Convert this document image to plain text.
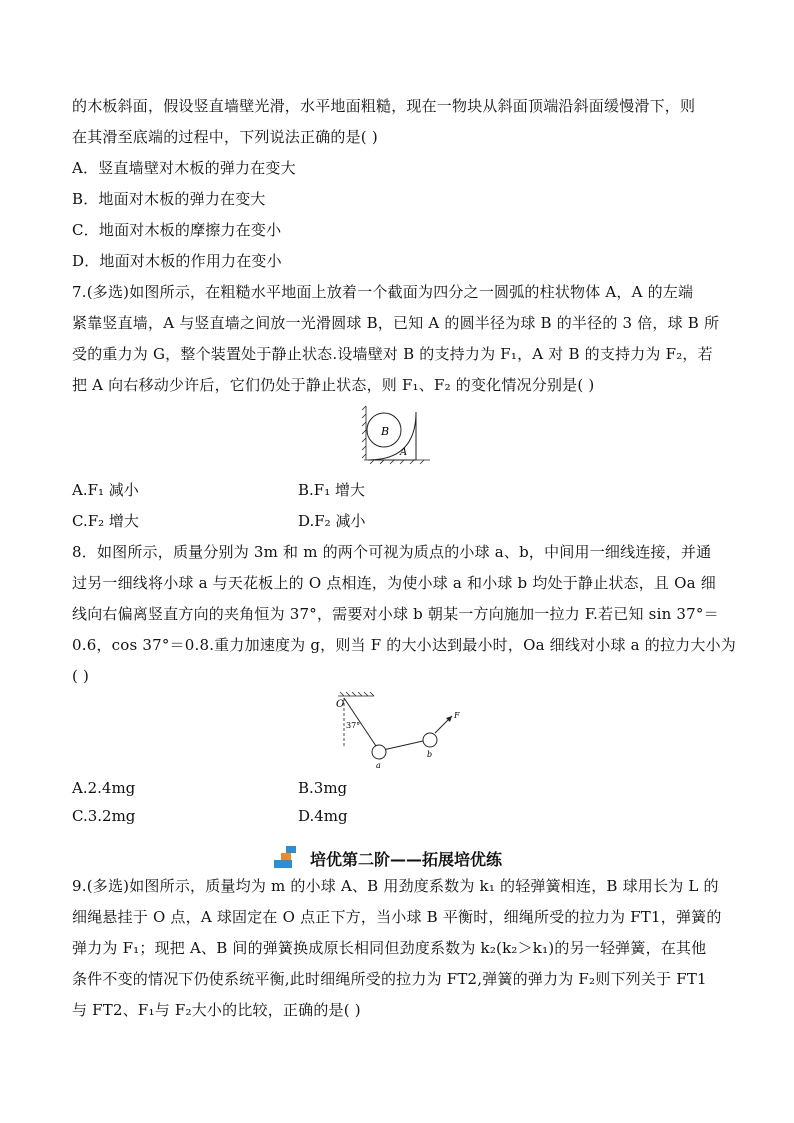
的木板斜面，假设竖直墙壁光滑，水平地面粗糙，现在一物块从斜面顶端沿斜面缓慢滑下，则
在其滑至底端的过程中，下列说法正确的是( )
A．竖直墙壁对木板的弹力在变大
B．地面对木板的弹力在变大
C．地面对木板的摩擦力在变小
D．地面对木板的作用力在变小
7.(多选)如图所示，在粗糙水平地面上放着一个截面为四分之一圆弧的柱状物体 A，A 的左端
紧靠竖直墙，A 与竖直墙之间放一光滑圆球 B，已知 A 的圆半径为球 B 的半径的 3 倍，球 B 所
受的重力为 G，整个装置处于静止状态.设墙壁对 B 的支持力为 F₁，A 对 B 的支持力为 F₂，若
把 A 向右移动少许后，它们仍处于静止状态，则 F₁、F₂ 的变化情况分别是( )
B
A
A.F₁ 减小	B.F₁ 增大
C.F₂ 增大	D.F₂ 减小
8．如图所示，质量分别为 3m 和 m 的两个可视为质点的小球 a、b，中间用一细线连接，并通
过另一细线将小球 a 与天花板上的 O 点相连，为使小球 a 和小球 b 均处于静止状态，且 Oa 细
线向右偏离竖直方向的夹角恒为 37°，需要对小球 b 朝某一方向施加一拉力 F.若已知 sin 37°＝
0.6，cos 37°＝0.8.重力加速度为 g，则当 F 的大小达到最小时，Oa 细线对小球 a 的拉力大小为
( )
O
37°
a
b
F
A.2.4mg	B.3mg
C.3.2mg	D.4mg
培优第二阶——拓展培优练
9.(多选)如图所示，质量均为 m 的小球 A、B 用劲度系数为 k₁ 的轻弹簧相连，B 球用长为 L 的
细绳悬挂于 O 点，A 球固定在 O 点正下方，当小球 B 平衡时，细绳所受的拉力为 FT1，弹簧的
弹力为 F₁；现把 A、B 间的弹簧换成原长相同但劲度系数为 k₂(k₂＞k₁)的另一轻弹簧，在其他
条件不变的情况下仍使系统平衡,此时细绳所受的拉力为 FT2,弹簧的弹力为 F₂则下列关于 FT1
与 FT2、F₁与 F₂大小的比较，正确的是( )
